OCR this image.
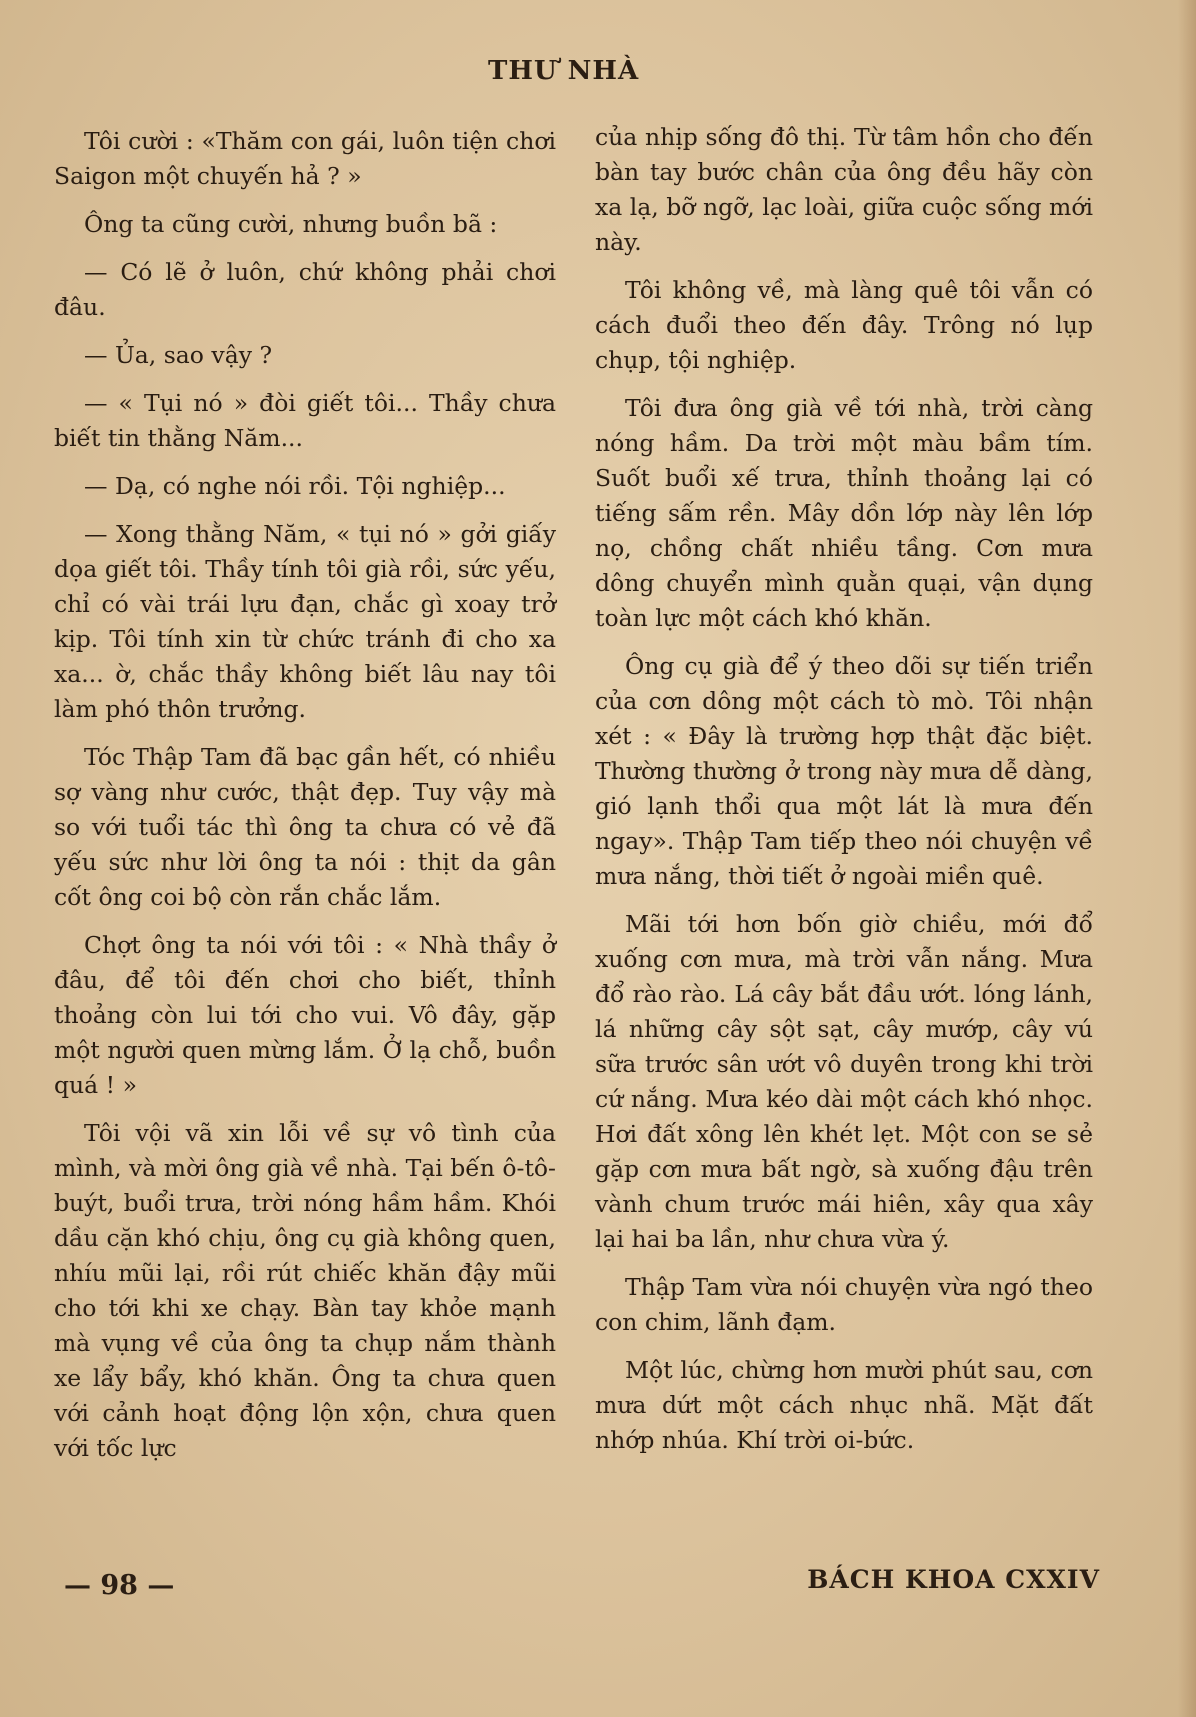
THƯ NHÀ

Tôi cười : «Thăm con gái, luôn tiện chơi Saigon một chuyến hả ? »

Ông ta cũng cười, nhưng buồn bã :

— Có lẽ ở luôn, chứ không phải chơi đâu.

— Ủa, sao vậy ?

— « Tụi nó » đòi giết tôi... Thầy chưa biết tin thằng Năm...

— Dạ, có nghe nói rồi. Tội nghiệp...

— Xong thằng Năm, « tụi nó » gởi giấy dọa giết tôi. Thầy tính tôi già rồi, sức yếu, chỉ có vài trái lựu đạn, chắc gì xoay trở kịp. Tôi tính xin từ chức tránh đi cho xa xa... ờ, chắc thầy không biết lâu nay tôi làm phó thôn trưởng.

Tóc Thập Tam đã bạc gần hết, có nhiều sợ vàng như cước, thật đẹp. Tuy vậy mà so với tuổi tác thì ông ta chưa có vẻ đã yếu sức như lời ông ta nói : thịt da gân cốt ông coi bộ còn rắn chắc lắm.

Chợt ông ta nói với tôi : « Nhà thầy ở đâu, để tôi đến chơi cho biết, thỉnh thoảng còn lui tới cho vui. Vô đây, gặp một người quen mừng lắm. Ở lạ chỗ, buồn quá ! »

Tôi vội vã xin lỗi về sự vô tình của mình, và mời ông già về nhà. Tại bến ô-tô-buýt, buổi trưa, trời nóng hầm hầm. Khói dầu cặn khó chịu, ông cụ già không quen, nhíu mũi lại, rồi rút chiếc khăn đậy mũi cho tới khi xe chạy. Bàn tay khỏe mạnh mà vụng về của ông ta chụp nắm thành xe lẩy bẩy, khó khăn. Ông ta chưa quen với cảnh hoạt động lộn xộn, chưa quen với tốc lực

của nhịp sống đô thị. Từ tâm hồn cho đến bàn tay bước chân của ông đều hãy còn xa lạ, bỡ ngỡ, lạc loài, giữa cuộc sống mới này.

Tôi không về, mà làng quê tôi vẫn có cách đuổi theo đến đây. Trông nó lụp chụp, tội nghiệp.

Tôi đưa ông già về tới nhà, trời càng nóng hầm. Da trời một màu bầm tím. Suốt buổi xế trưa, thỉnh thoảng lại có tiếng sấm rền. Mây dồn lớp này lên lớp nọ, chồng chất nhiều tầng. Cơn mưa dông chuyển mình quằn quại, vận dụng toàn lực một cách khó khăn.

Ông cụ già để ý theo dõi sự tiến triển của cơn dông một cách tò mò. Tôi nhận xét : « Đây là trường hợp thật đặc biệt. Thường thường ở trong này mưa dễ dàng, gió lạnh thổi qua một lát là mưa đến ngay». Thập Tam tiếp theo nói chuyện về mưa nắng, thời tiết ở ngoài miền quê.

Mãi tới hơn bốn giờ chiều, mới đổ xuống cơn mưa, mà trời vẫn nắng. Mưa đổ rào rào. Lá cây bắt đầu ướt. lóng lánh, lá những cây sột sạt, cây mướp, cây vú sữa trước sân ướt vô duyên trong khi trời cứ nắng. Mưa kéo dài một cách khó nhọc. Hơi đất xông lên khét lẹt. Một con se sẻ gặp cơn mưa bất ngờ, sà xuống đậu trên vành chum trước mái hiên, xây qua xây lại hai ba lần, như chưa vừa ý.

Thập Tam vừa nói chuyện vừa ngó theo con chim, lãnh đạm.

Một lúc, chừng hơn mười phút sau, cơn mưa dứt một cách nhục nhã. Mặt đất nhớp nhúa. Khí trời oi-bức.

— 98 —	BÁCH KHOA CXXIV
